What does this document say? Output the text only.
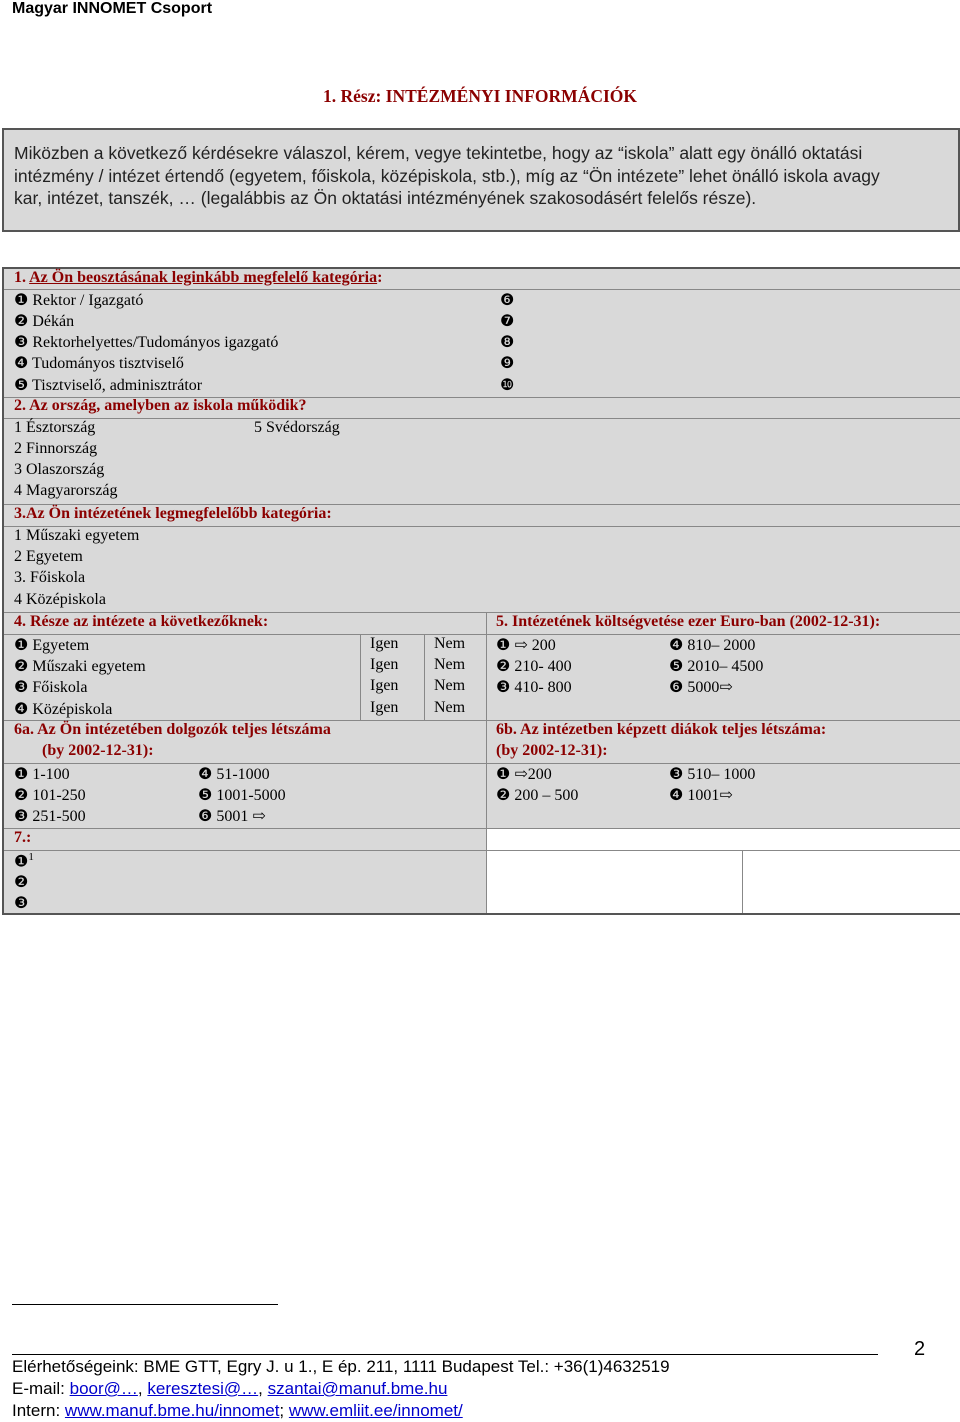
Magyar INNOMET Csoport
1. Rész: INTÉZMÉNYI INFORMÁCIÓK
Miközben a következő kérdésekre válaszol, kérem, vegye tekintetbe, hogy az “iskola” alatt egy önálló oktatási
intézmény / intézet értendő (egyetem, főiskola, középiskola, stb.), míg az “Ön intézete” lehet önálló iskola avagy
kar, intézet, tanszék, … (legalábbis az Ön oktatási intézményének szakosodásért felelős része).
1. Az Ön beosztásának leginkább megfelelő kategória:
❶ Rektor / Igazgató
❷ Dékán
❸ Rektorhelyettes/Tudományos igazgató
❹ Tudományos tisztviselő
❺ Tisztviselő, adminisztrátor
❻
❼
❽
❾
❿
2. Az ország, amelyben az iskola működik?
1 Észtország	5 Svédország
2 Finnország
3 Olaszország
4 Magyarország
3.Az Ön intézetének legmegfelelőbb kategória:
1 Műszaki egyetem
2 Egyetem
3. Főiskola
4 Középiskola
4. Része az intézete a következőknek:	5. Intézetének költségvetése ezer Euro-ban (2002-12-31):
❶ Egyetem
❷ Műszaki egyetem
❸ Főiskola
❹ Középiskola
Igen
Igen
Igen
Igen
Nem
Nem
Nem
Nem
❶ ⇨ 200
❷ 210- 400
❸ 410- 800
❹ 810– 2000
❺ 2010– 4500
❻ 5000⇨
6a. Az Ön intézetében dolgozók teljes létszáma
(by 2002-12-31):
6b. Az intézetben képzett diákok teljes létszáma:
(by 2002-12-31):
❶ 1-100
❷ 101-250
❸ 251-500
❹ 51-1000
❺ 1001-5000
❻ 5001 ⇨
❶ ⇨200
❷ 200 – 500
❸ 510– 1000
❹ 1001⇨
7.:
❶$^1$
❷
❸
2
Elérhetőségeink: BME GTT, Egry J. u 1., E ép. 211, 1111 Budapest Tel.: +36(1)4632519
E-mail: boor@…, keresztesi@…, szantai@manuf.bme.hu
Intern: www.manuf.bme.hu/innomet; www.emliit.ee/innomet/
